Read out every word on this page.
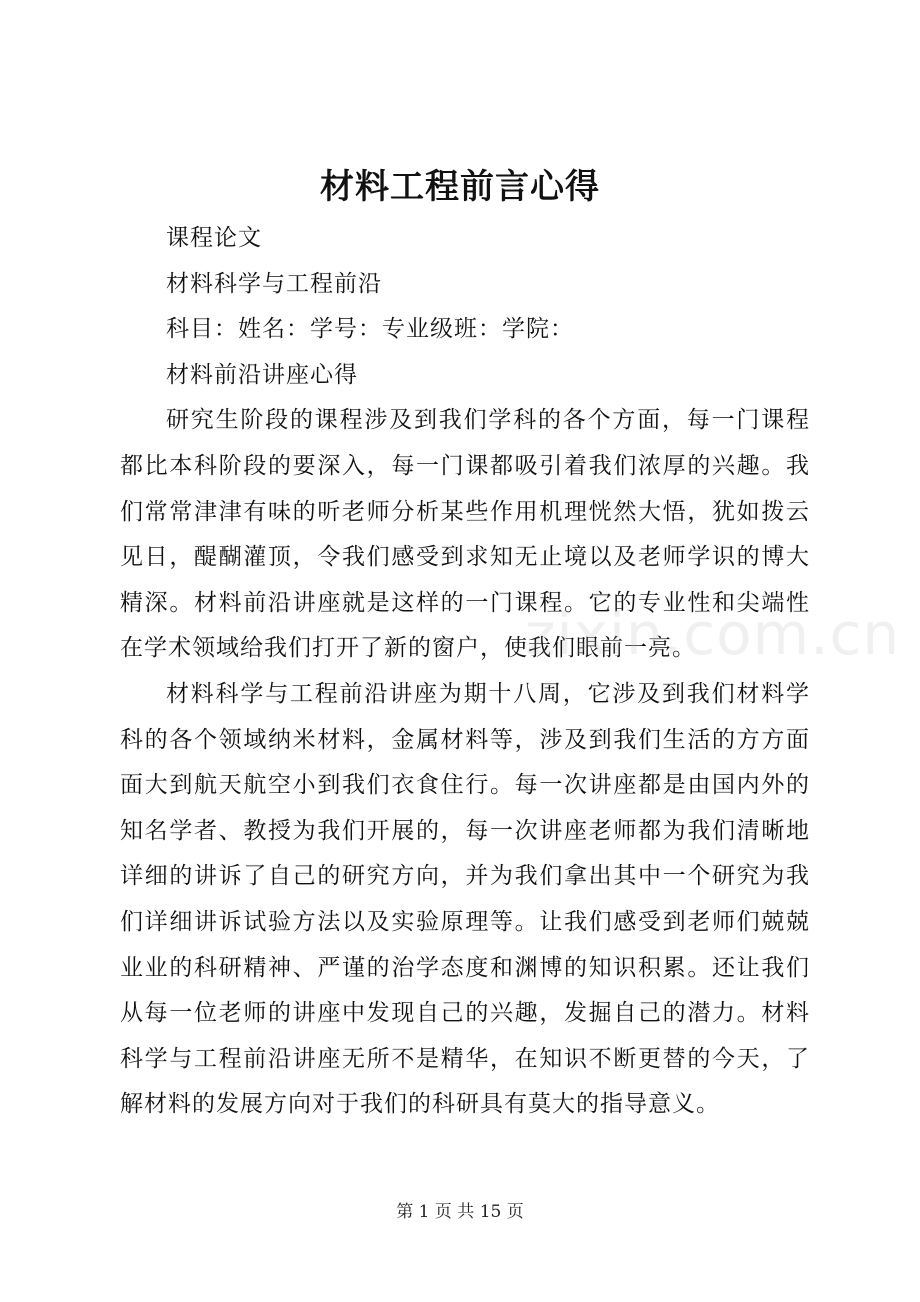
材料工程前言心得

课程论文

材料科学与工程前沿

科目：姓名：学号：专业级班：学院：

材料前沿讲座心得

研究生阶段的课程涉及到我们学科的各个方面，每一门课程都比本科阶段的要深入，每一门课都吸引着我们浓厚的兴趣。我们常常津津有味的听老师分析某些作用机理恍然大悟，犹如拨云见日，醍醐灌顶，令我们感受到求知无止境以及老师学识的博大精深。材料前沿讲座就是这样的一门课程。它的专业性和尖端性在学术领域给我们打开了新的窗户，使我们眼前一亮。

材料科学与工程前沿讲座为期十八周，它涉及到我们材料学科的各个领域纳米材料，金属材料等，涉及到我们生活的方方面面大到航天航空小到我们衣食住行。每一次讲座都是由国内外的知名学者、教授为我们开展的，每一次讲座老师都为我们清晰地详细的讲诉了自己的研究方向，并为我们拿出其中一个研究为我们详细讲诉试验方法以及实验原理等。让我们感受到老师们兢兢业业的科研精神、严谨的治学态度和渊博的知识积累。还让我们从每一位老师的讲座中发现自己的兴趣，发掘自己的潜力。材料科学与工程前沿讲座无所不是精华，在知识不断更替的今天，了解材料的发展方向对于我们的科研具有莫大的指导意义。

zixin.com.cn
第 1 页 共 15 页
